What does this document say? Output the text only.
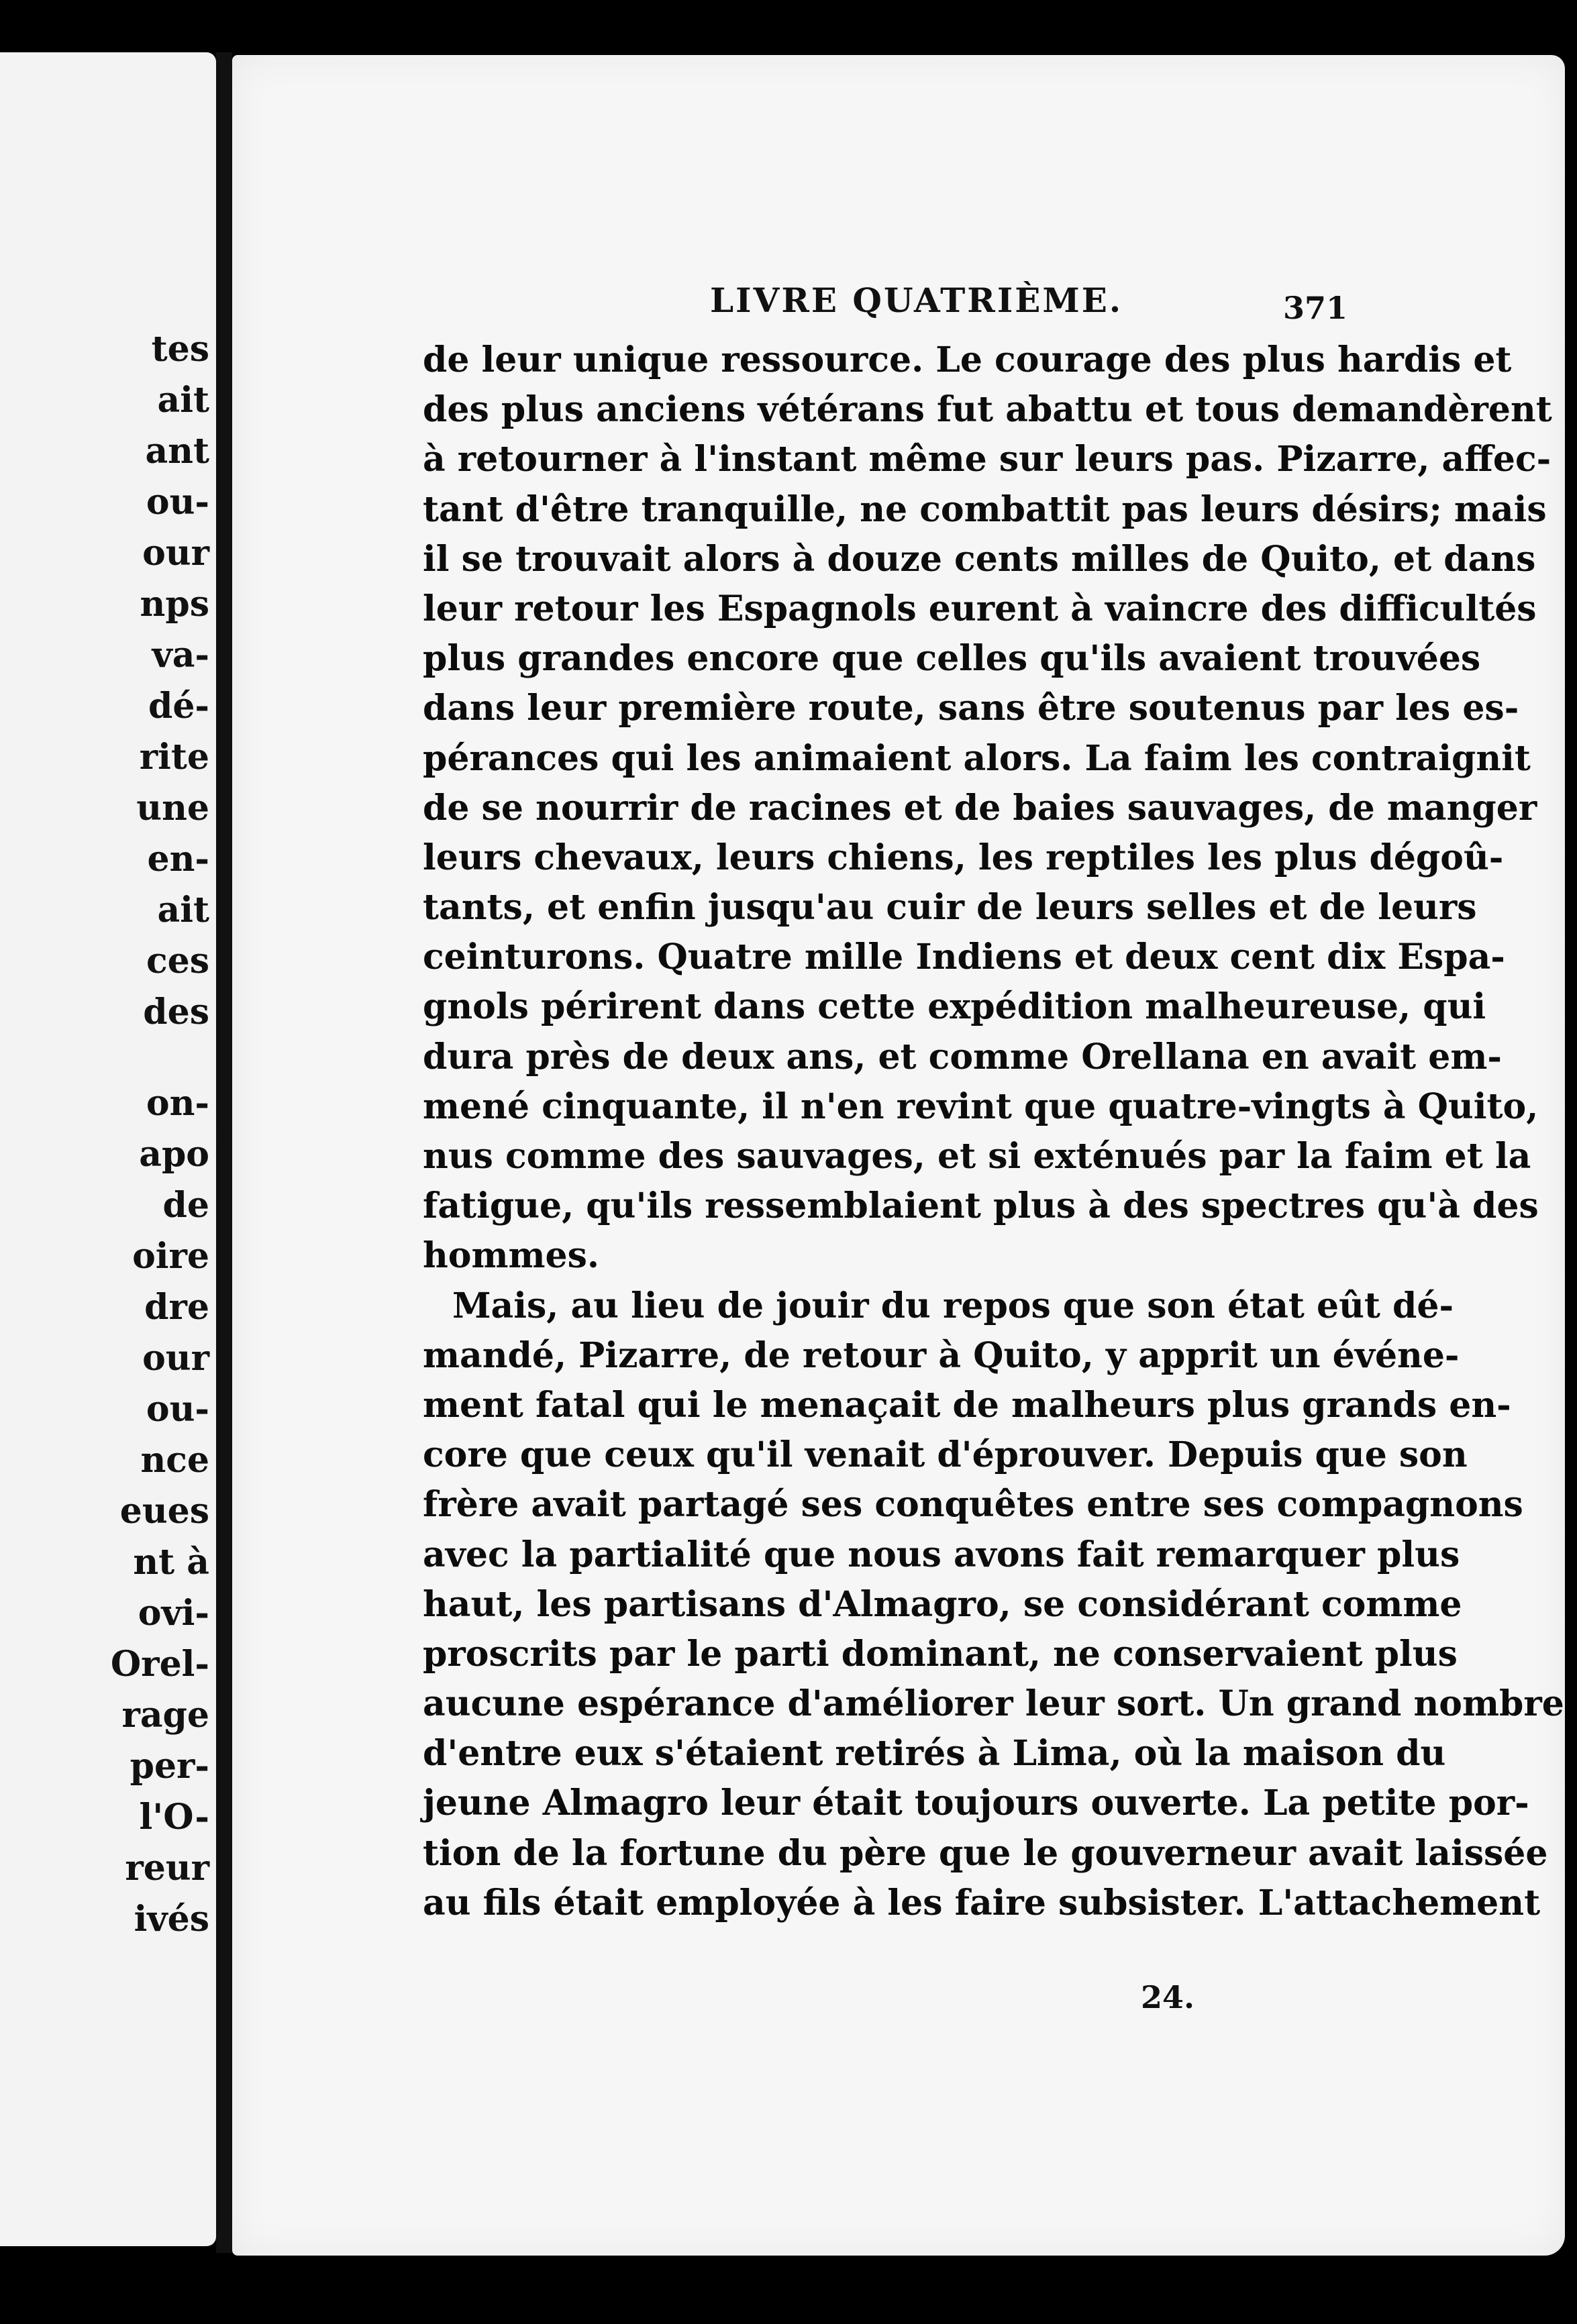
tes
ait
ant
ou-
our
nps
va-
dé-
rite
une
en-
ait
ces
des
on-
apo
de
oire
dre
our
ou-
nce
eues
nt à
ovi-
Orel-
rage
per-
l'O-
reur
ivés
LIVRE QUATRIÈME.	371
de leur unique ressource. Le courage des plus hardis et
des plus anciens vétérans fut abattu et tous demandèrent
à retourner à l'instant même sur leurs pas. Pizarre, affec-
tant d'être tranquille, ne combattit pas leurs désirs; mais
il se trouvait alors à douze cents milles de Quito, et dans
leur retour les Espagnols eurent à vaincre des difficultés
plus grandes encore que celles qu'ils avaient trouvées
dans leur première route, sans être soutenus par les es-
pérances qui les animaient alors. La faim les contraignit
de se nourrir de racines et de baies sauvages, de manger
leurs chevaux, leurs chiens, les reptiles les plus dégoû-
tants, et enfin jusqu'au cuir de leurs selles et de leurs
ceinturons. Quatre mille Indiens et deux cent dix Espa-
gnols périrent dans cette expédition malheureuse, qui
dura près de deux ans, et comme Orellana en avait em-
mené cinquante, il n'en revint que quatre-vingts à Quito,
nus comme des sauvages, et si exténués par la faim et la
fatigue, qu'ils ressemblaient plus à des spectres qu'à des
hommes.
Mais, au lieu de jouir du repos que son état eût dé-
mandé, Pizarre, de retour à Quito, y apprit un événe-
ment fatal qui le menaçait de malheurs plus grands en-
core que ceux qu'il venait d'éprouver. Depuis que son
frère avait partagé ses conquêtes entre ses compagnons
avec la partialité que nous avons fait remarquer plus
haut, les partisans d'Almagro, se considérant comme
proscrits par le parti dominant, ne conservaient plus
aucune espérance d'améliorer leur sort. Un grand nombre
d'entre eux s'étaient retirés à Lima, où la maison du
jeune Almagro leur était toujours ouverte. La petite por-
tion de la fortune du père que le gouverneur avait laissée
au fils était employée à les faire subsister. L'attachement
24.
